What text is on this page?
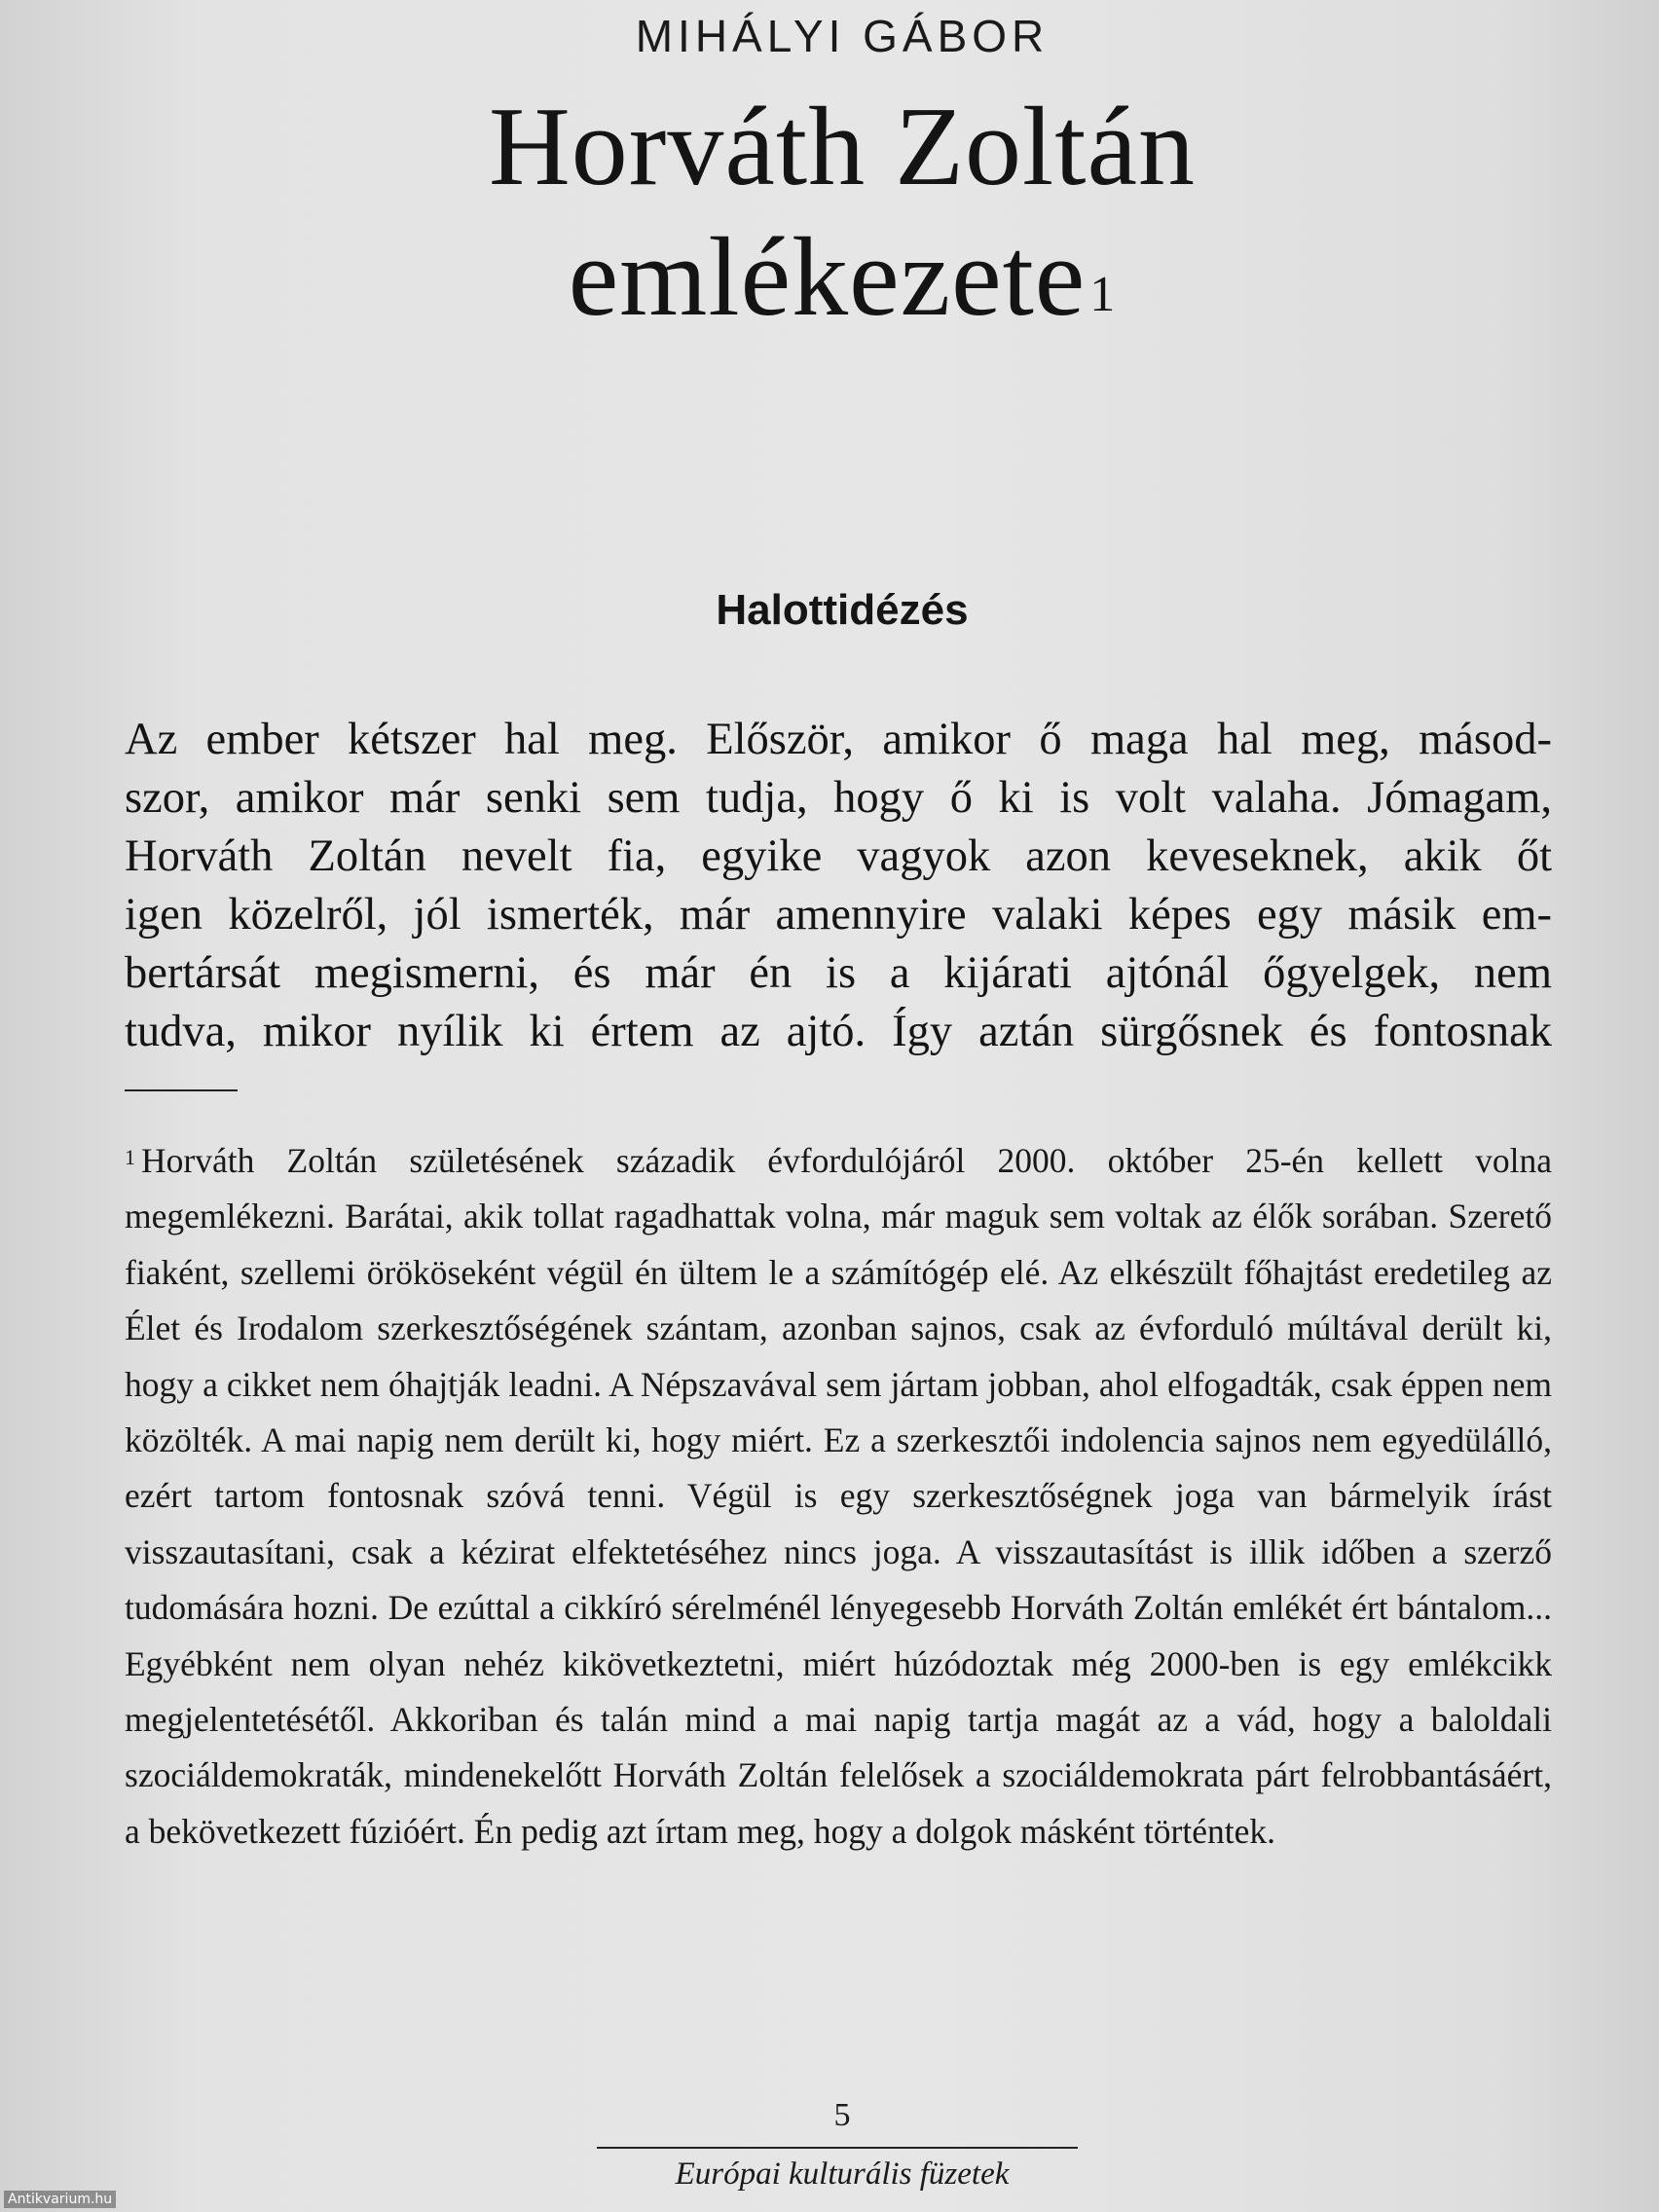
MIHÁLYI GÁBOR
Horváth Zoltán
emlékezete$^1$
Halottidézés
Az ember kétszer hal meg. Először, amikor ő maga hal meg, másod-
szor, amikor már senki sem tudja, hogy ő ki is volt valaha. Jómagam,
Horváth Zoltán nevelt fia, egyike vagyok azon keveseknek, akik őt
igen közelről, jól ismerték, már amennyire valaki képes egy másik em-
bertársát megismerni, és már én is a kijárati ajtónál őgyelgek, nem
tudva, mikor nyílik ki értem az ajtó. Így aztán sürgősnek és fontosnak
$^1$ Horváth Zoltán születésének századik évfordulójáról 2000. október 25-én kellett volna megemlékezni. Barátai, akik tollat ragadhattak volna, már maguk sem voltak az élők sorában. Szerető fiaként, szellemi örököseként végül én ültem le a számítógép elé. Az elkészült főhajtást eredetileg az Élet és Irodalom szerkesztőségének szántam, azonban sajnos, csak az évforduló múltával derült ki, hogy a cikket nem óhajtják leadni. A Népszavával sem jártam jobban, ahol elfogadták, csak éppen nem közölték. A mai napig nem derült ki, hogy miért. Ez a szerkesztői indolencia sajnos nem egyedülálló, ezért tartom fontosnak szóvá tenni. Végül is egy szerkesztőségnek joga van bármelyik írást visszautasítani, csak a kézirat elfektetéséhez nincs joga. A visszautasítást is illik időben a szerző tudomására hozni. De ezúttal a cikkíró sérelménél lényegesebb Horváth Zoltán emlékét ért bántalom... Egyébként nem olyan nehéz kikövetkeztetni, miért húzódoztak még 2000-ben is egy emlékcikk megjelentetésétől. Akkoriban és talán mind a mai napig tartja magát az a vád, hogy a baloldali szociáldemokraták, mindenekelőtt Horváth Zoltán felelősek a szociáldemokrata párt felrobbantásáért, a bekövetkezett fúzióért. Én pedig azt írtam meg, hogy a dolgok másként történtek.
5
Európai kulturális füzetek
Antikvarium.hu
